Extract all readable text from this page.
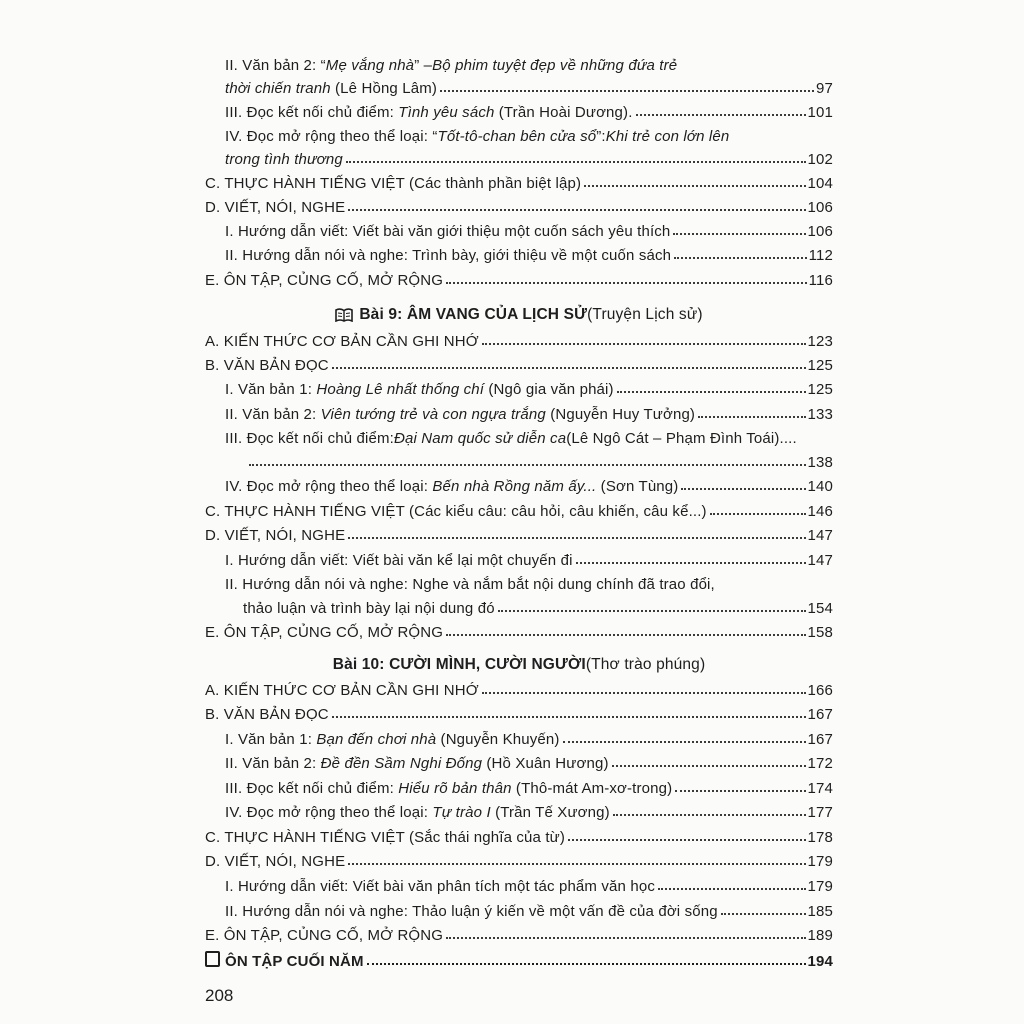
II. Văn bản 2: “ Mẹ vắng nhà ” – Bộ phim tuyệt đẹp về những đứa trẻ
thời chiến tranh (Lê Hồng Lâm)	97
III. Đọc kết nối chủ điểm: Tình yêu sách (Trần Hoài Dương).	101
IV. Đọc mở rộng theo thể loại: “ Tốt-tô-chan bên cửa sổ ”: Khi trẻ con lớn lên
trong tình thương	102
C. THỰC HÀNH TIẾNG VIỆT (Các thành phần biệt lập)	104
D. VIẾT, NÓI, NGHE	106
I. Hướng dẫn viết: Viết bài văn giới thiệu một cuốn sách yêu thích	106
II. Hướng dẫn nói và nghe: Trình bày, giới thiệu về một cuốn sách	112
E. ÔN TẬP, CỦNG CỐ, MỞ RỘNG	116
Bài 9: ÂM VANG CỦA LỊCH SỬ (Truyện Lịch sử)
A. KIẾN THỨC CƠ BẢN CẦN GHI NHỚ	123
B. VĂN BẢN ĐỌC	125
I. Văn bản 1: Hoàng Lê nhất thống chí (Ngô gia văn phái)	125
II. Văn bản 2: Viên tướng trẻ và con ngựa trắng (Nguyễn Huy Tưởng)	133
III. Đọc kết nối chủ điểm: Đại Nam quốc sử diễn ca (Lê Ngô Cát – Phạm Đình Toái)....
138
IV. Đọc mở rộng theo thể loại: Bến nhà Rồng năm ấy... (Sơn Tùng)	140
C. THỰC HÀNH TIẾNG VIỆT (Các kiểu câu: câu hỏi, câu khiến, câu kể...)	146
D. VIẾT, NÓI, NGHE	147
I. Hướng dẫn viết: Viết bài văn kể lại một chuyến đi	147
II. Hướng dẫn nói và nghe: Nghe và nắm bắt nội dung chính đã trao đổi,
thảo luận và trình bày lại nội dung đó	154
E. ÔN TẬP, CỦNG CỐ, MỞ RỘNG	158
Bài 10: CƯỜI MÌNH, CƯỜI NGƯỜI (Thơ trào phúng)
A. KIẾN THỨC CƠ BẢN CẦN GHI NHỚ	166
B. VĂN BẢN ĐỌC	167
I. Văn bản 1: Bạn đến chơi nhà (Nguyễn Khuyến)	167
II. Văn bản 2: Đề đền Sầm Nghi Đống (Hồ Xuân Hương)	172
III. Đọc kết nối chủ điểm: Hiểu rõ bản thân (Thô-mát Am-xơ-trong)	174
IV. Đọc mở rộng theo thể loại: Tự trào I (Trần Tế Xương)	177
C. THỰC HÀNH TIẾNG VIỆT (Sắc thái nghĩa của từ)	178
D. VIẾT, NÓI, NGHE	179
I. Hướng dẫn viết: Viết bài văn phân tích một tác phẩm văn học	179
II. Hướng dẫn nói và nghe: Thảo luận ý kiến về một vấn đề của đời sống	185
E. ÔN TẬP, CỦNG CỐ, MỞ RỘNG	189
ÔN TẬP CUỐI NĂM	194
208
